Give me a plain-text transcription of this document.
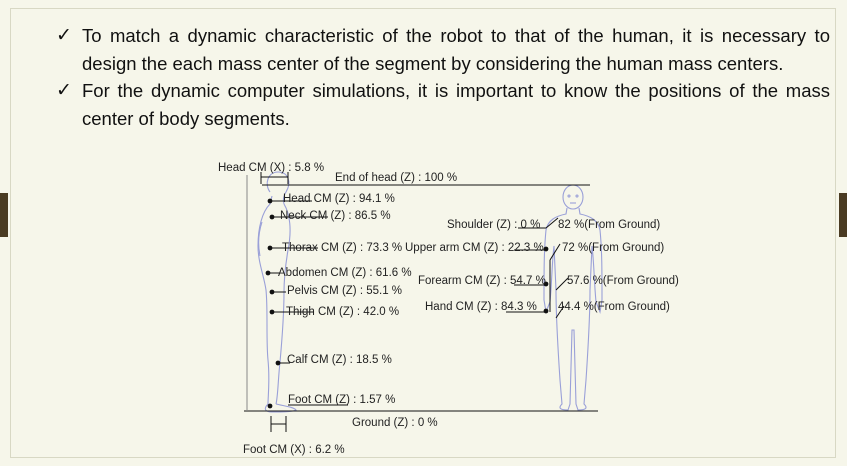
✓ To match a dynamic characteristic of the robot to that of the human, it is necessary to design the each mass center of the segment by considering the human mass centers.
✓ For the dynamic computer simulations, it is important to know the positions of the mass center of body segments.
Head CM (X) : 5.8 %
End of head (Z) : 100 %
Head CM (Z) : 94.1 %
Neck CM (Z) : 86.5 %
Thorax CM (Z) : 73.3 %
Abdomen CM (Z) : 61.6 %
Pelvis CM (Z) : 55.1 %
Thigh CM (Z) : 42.0 %
Calf CM (Z) : 18.5 %
Foot CM (Z) : 1.57 %
Ground (Z) : 0 %
Foot CM (X) : 6.2 %
Shoulder (Z) : 0 % 82 %(From Ground)
Upper arm CM (Z) : 22.3 % 72 %(From Ground)
Forearm CM (Z) : 54.7 % 57.6 %(From Ground)
Hand CM (Z) : 84.3 % 44.4 %(From Ground)
